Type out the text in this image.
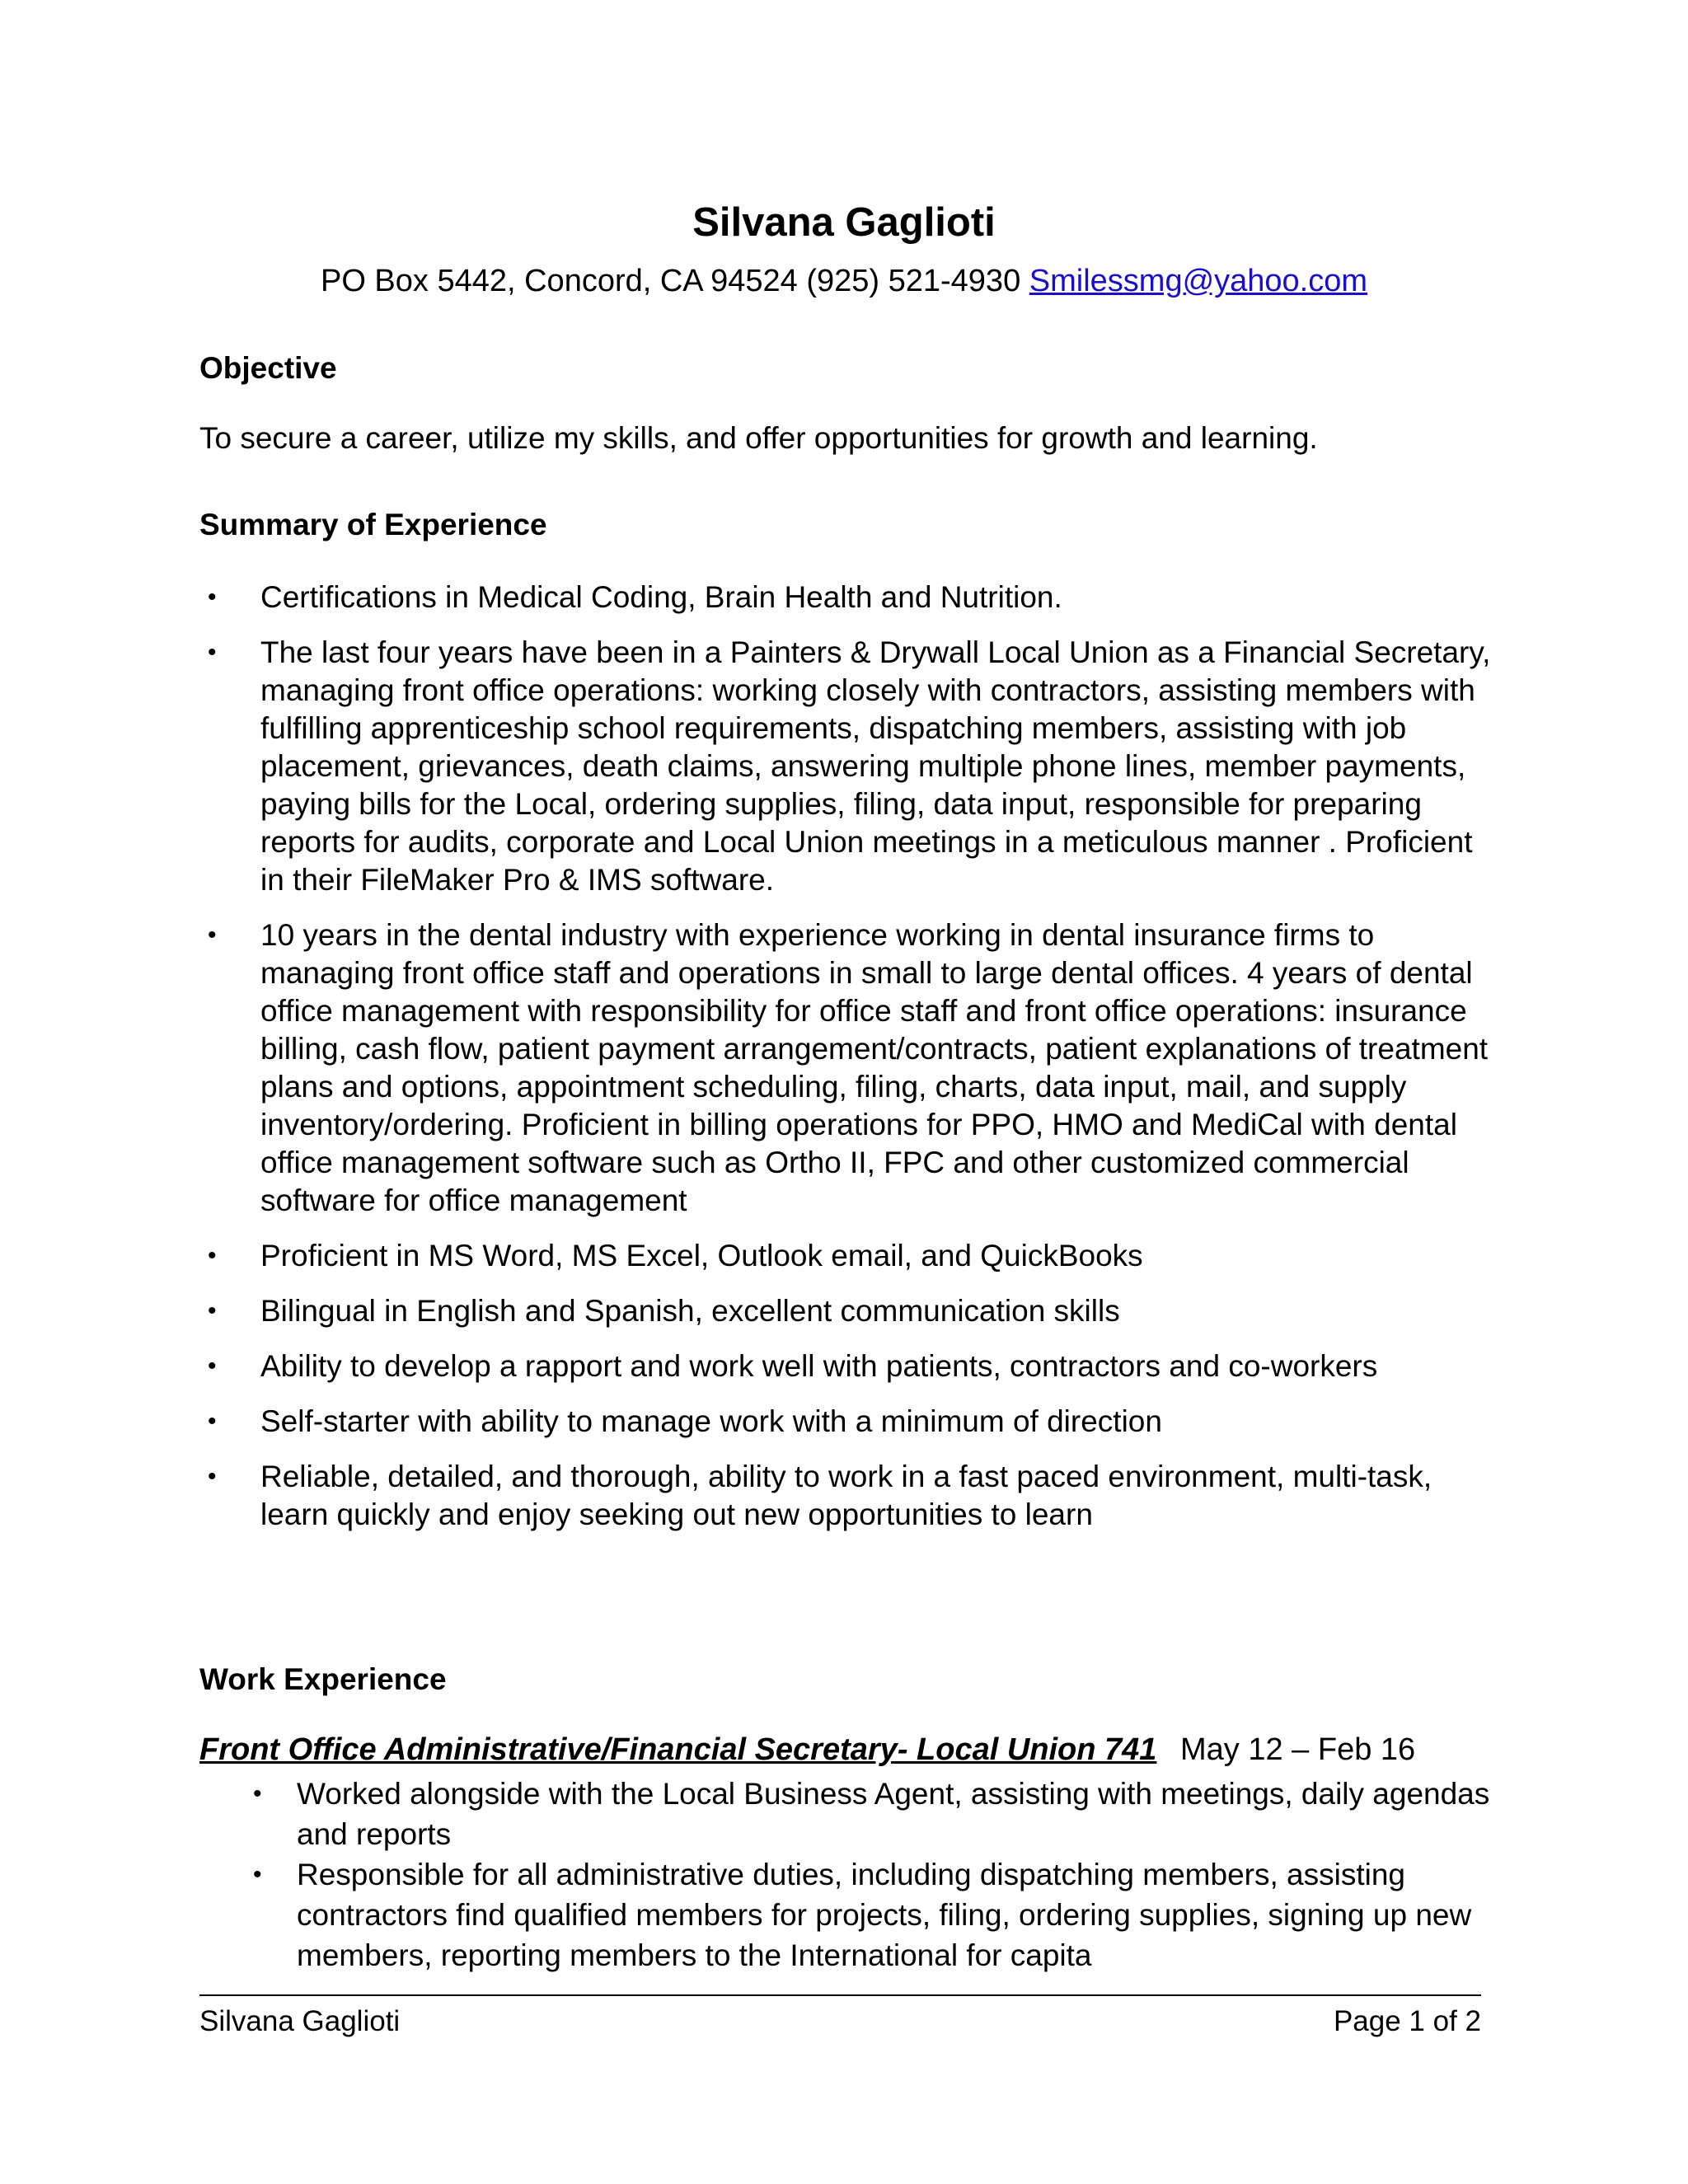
Silvana Gaglioti
PO Box 5442, Concord, CA 94524 (925) 521-4930 Smilessmg@yahoo.com
Objective
To secure a career, utilize my skills, and offer opportunities for growth and learning.
Summary of Experience
• Certifications in Medical Coding, Brain Health and Nutrition.
• The last four years have been in a Painters & Drywall Local Union as a Financial Secretary, managing front office operations: working closely with contractors, assisting members with fulfilling apprenticeship school requirements, dispatching members, assisting with job placement, grievances, death claims, answering multiple phone lines, member payments, paying bills for the Local, ordering supplies, filing, data input, responsible for preparing reports for audits, corporate and Local Union meetings in a meticulous manner . Proficient in their FileMaker Pro & IMS software.
• 10 years in the dental industry with experience working in dental insurance firms to managing front office staff and operations in small to large dental offices. 4 years of dental office management with responsibility for office staff and front office operations: insurance billing, cash flow, patient payment arrangement/contracts, patient explanations of treatment plans and options, appointment scheduling, filing, charts, data input, mail, and supply inventory/ordering. Proficient in billing operations for PPO, HMO and MediCal with dental office management software such as Ortho II, FPC and other customized commercial software for office management
• Proficient in MS Word, MS Excel, Outlook email, and QuickBooks
• Bilingual in English and Spanish, excellent communication skills
• Ability to develop a rapport and work well with patients, contractors and co-workers
• Self-starter with ability to manage work with a minimum of direction
• Reliable, detailed, and thorough, ability to work in a fast paced environment, multi-task, learn quickly and enjoy seeking out new opportunities to learn
Work Experience
Front Office Administrative/Financial Secretary- Local Union 741 May 12 – Feb 16
• Worked alongside with the Local Business Agent, assisting with meetings, daily agendas and reports
• Responsible for all administrative duties, including dispatching members, assisting contractors find qualified members for projects, filing, ordering supplies, signing up new members, reporting members to the International for capita
Silvana Gaglioti	Page 1 of 2
